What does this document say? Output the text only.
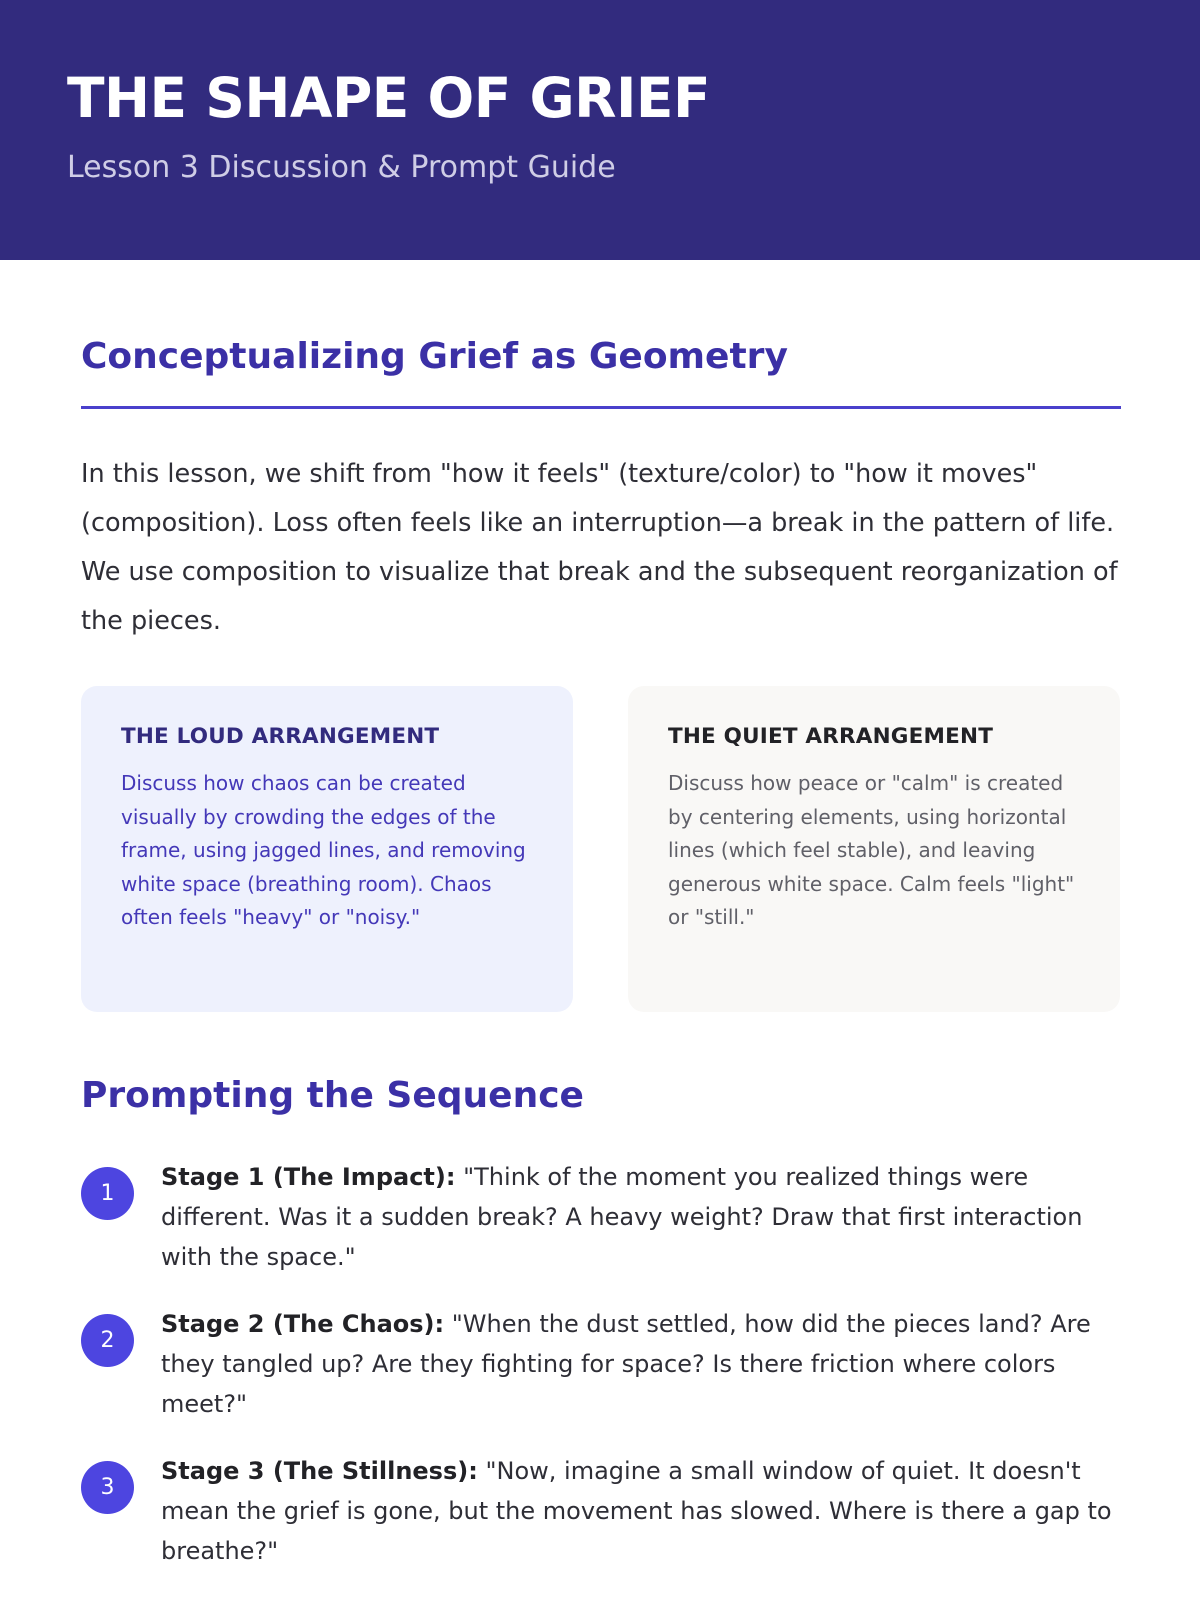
THE SHAPE OF GRIEF

Lesson 3 Discussion & Prompt Guide

Conceptualizing Grief as Geometry

In this lesson, we shift from "how it feels" (texture/color) to "how it moves" (composition). Loss often feels like an interruption—a break in the pattern of life. We use composition to visualize that break and the subsequent reorganization of the pieces.

THE LOUD ARRANGEMENT

Discuss how chaos can be created visually by crowding the edges of the frame, using jagged lines, and removing white space (breathing room). Chaos often feels "heavy" or "noisy."

THE QUIET ARRANGEMENT

Discuss how peace or "calm" is created by centering elements, using horizontal lines (which feel stable), and leaving generous white space. Calm feels "light" or "still."

Prompting the Sequence
1

Stage 1 (The Impact): "Think of the moment you realized things were different. Was it a sudden break? A heavy weight? Draw that first interaction with the space."

2

Stage 2 (The Chaos): "When the dust settled, how did the pieces land? Are they tangled up? Are they fighting for space? Is there friction where colors meet?"

3

Stage 3 (The Stillness): "Now, imagine a small window of quiet. It doesn't mean the grief is gone, but the movement has slowed. Where is there a gap to breathe?"
